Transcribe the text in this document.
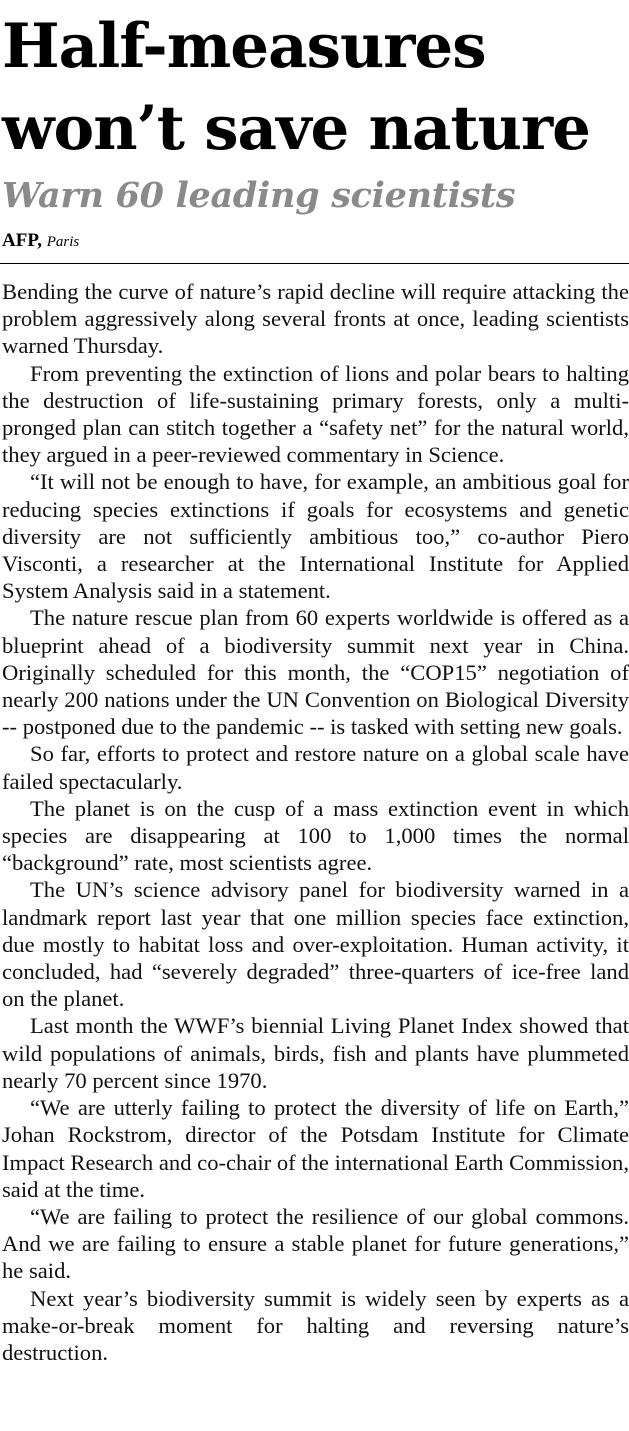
Half-measures won’t save nature
Warn 60 leading scientists
AFP, Paris

Bending the curve of nature’s rapid decline will require attacking the problem aggressively along several fronts at once, leading scientists warned Thursday.

From preventing the extinction of lions and polar bears to halting the destruction of life-sustaining primary forests, only a multi-pronged plan can stitch together a “safety net” for the natural world, they argued in a peer-reviewed commentary in Science.

“It will not be enough to have, for example, an ambitious goal for reducing species extinctions if goals for ecosystems and genetic diversity are not sufficiently ambitious too,” co-author Piero Visconti, a researcher at the International Institute for Applied System Analysis said in a statement.

The nature rescue plan from 60 experts worldwide is offered as a blueprint ahead of a biodiversity summit next year in China. Originally scheduled for this month, the “COP15” negotiation of nearly 200 nations under the UN Convention on Biological Diversity -- postponed due to the pandemic -- is tasked with setting new goals.

So far, efforts to protect and restore nature on a global scale have failed spectacularly.

The planet is on the cusp of a mass extinction event in which species are disappearing at 100 to 1,000 times the normal “background” rate, most scientists agree.

The UN’s science advisory panel for biodiversity warned in a landmark report last year that one million species face extinction, due mostly to habitat loss and over-exploitation. Human activity, it concluded, had “severely degraded” three-quarters of ice-free land on the planet.

Last month the WWF’s biennial Living Planet Index showed that wild populations of animals, birds, fish and plants have plummeted nearly 70 percent since 1970.

“We are utterly failing to protect the diversity of life on Earth,” Johan Rockstrom, director of the Potsdam Institute for Climate Impact Research and co-chair of the international Earth Commission, said at the time.

“We are failing to protect the resilience of our global commons. And we are failing to ensure a stable planet for future generations,” he said.

Next year’s biodiversity summit is widely seen by experts as a make-or-break moment for halting and reversing nature’s destruction.
